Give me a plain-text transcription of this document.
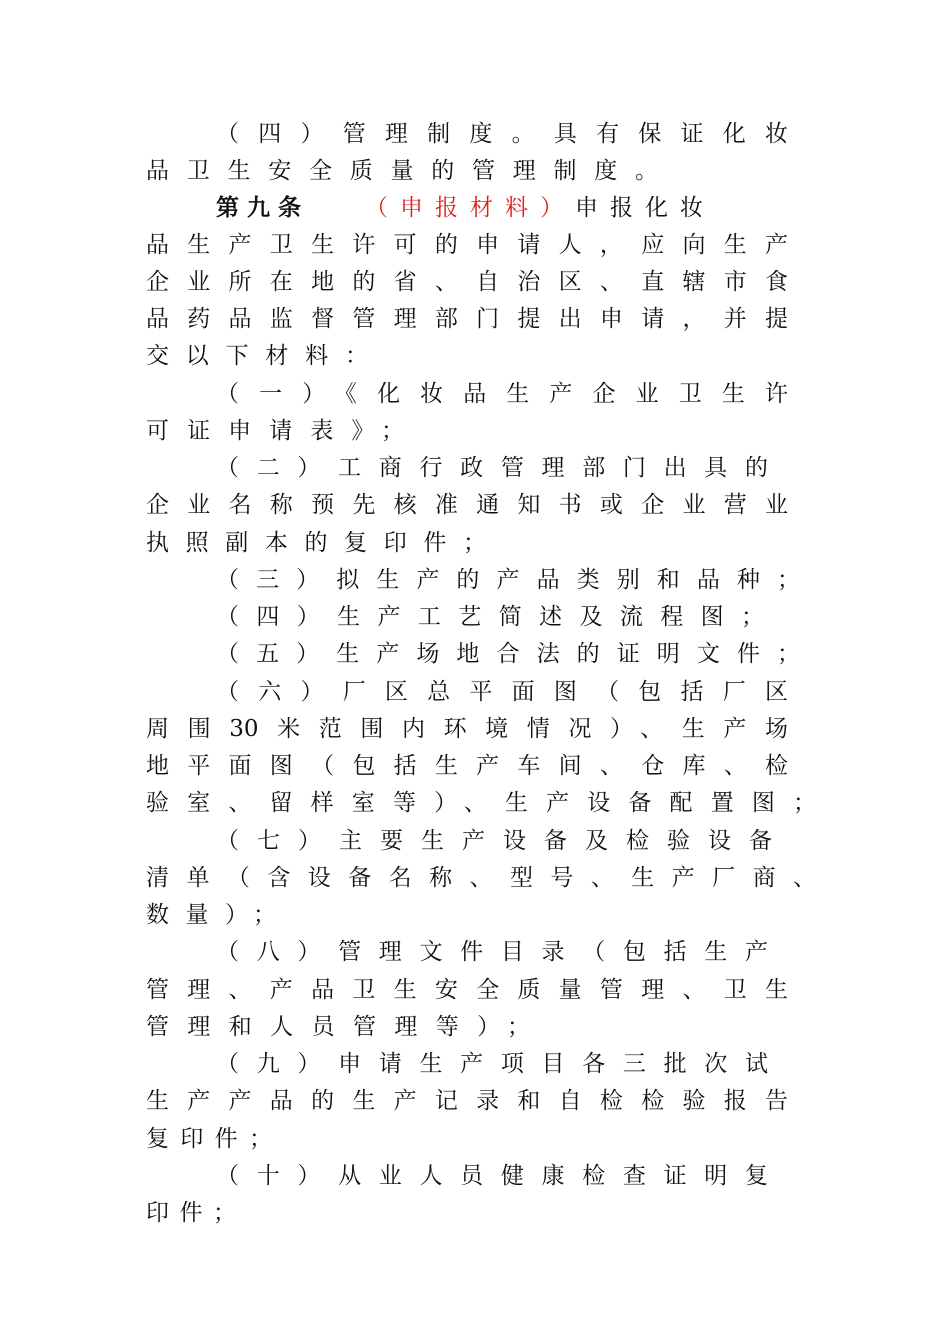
（四）管理制度。具有保证化妆
品卫生安全质量的管理制度。
第九条 （申报材料）申报化妆
品生产卫生许可的申请人，应向生产
企业所在地的省、自治区、直辖市食
品药品监督管理部门提出申请，并提
交以下材料：
（一）《化妆品生产企业卫生许
可证申请表》；
（二）工商行政管理部门出具的
企业名称预先核准通知书或企业营业
执照副本的复印件；
（三）拟生产的产品类别和品种；
（四）生产工艺简述及流程图；
（五）生产场地合法的证明文件；
（六）厂区总平面图（包括厂区
周围30米范围内环境情况）、生产场
地平面图（包括生产车间、仓库、检
验室、留样室等）、生产设备配置图；
（七）主要生产设备及检验设备
清单（含设备名称、型号、生产厂商、
数量）；
（八）管理文件目录（包括生产
管理、产品卫生安全质量管理、卫生
管理和人员管理等）；
（九）申请生产项目各三批次试
生产产品的生产记录和自检检验报告
复印件；
（十）从业人员健康检查证明复
印件；
